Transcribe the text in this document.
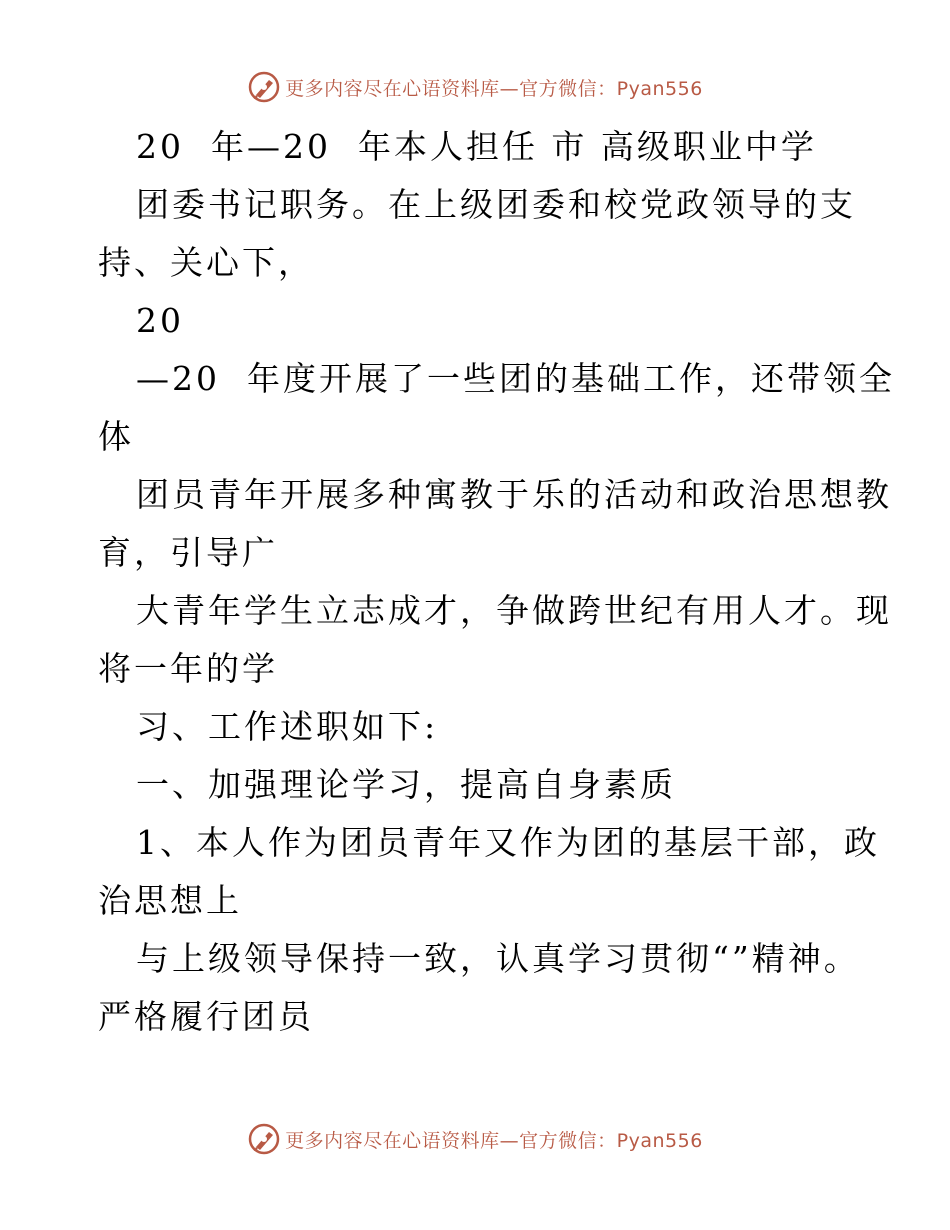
更多内容尽在心语资料库—官方微信：Pyan556
20  年—20  年本人担任 市 高级职业中学
团委书记职务。在上级团委和校党政领导的支
持、关心下，
20
—20  年度开展了一些团的基础工作，还带领全
体
团员青年开展多种寓教于乐的活动和政治思想教
育，引导广
大青年学生立志成才，争做跨世纪有用人才。现
将一年的学
习、工作述职如下:
一、加强理论学习，提高自身素质
1、本人作为团员青年又作为团的基层干部，政
治思想上
与上级领导保持一致，认真学习贯彻“”精神。
严格履行团员
更多内容尽在心语资料库—官方微信：Pyan556
